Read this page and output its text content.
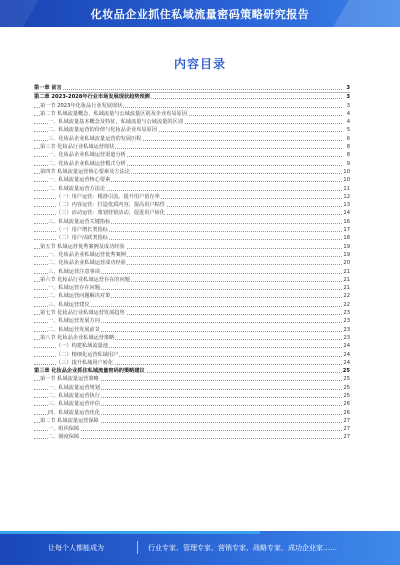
化妆品企业抓住私域流量密码策略研究报告
内容目录
第一章 前言	3
第二章 2023-2028年行业市场发展现状趋势预测	3
第一节 2023年化妆品行业发展现状	3
第二节 私域流量概念，私域流量与公域流量区别及企业布局原因	4
一、私域流量基本概念及特征，私域流量与公域流量的区别	4
二、私域流量运营的价值与化妆品企业布局原因	5
三、化妆品企业私域流量运营的发展历程	6
第三节 化妆品行业私域运营现状	8
一、化妆品企业私域运营渠道分析	8
二、化妆品企业私域运营模式分析	9
第四节 私域流量运营核心要素及方法论	10
一、私域流量运营核心要素	10
二、私域流量运营方法论	11
（一）用户运营：精准引流，提升用户留存率	12
（二）内容运营：打造优质内容，提高用户粘性	13
（三）活动运营：策划营销活动，促进用户转化	14
三、私域流量运营关键指标	16
（一）用户增长类指标	17
（二）用户活跃类指标	18
第五节 私域运营优秀案例及成功经验	19
一、化妆品企业私域运营优秀案例	19
二、化妆品企业私域运营成功经验	20
三、私域运营注意事项	21
第六节 化妆品行业私域运营存在的问题	21
一、私域运营存在问题	21
二、私域运营问题解决对策	22
三、私域运营建议	22
第七节 化妆品行业私域运营发展趋势	23
一、私域运营发展方向	23
二、私域运营发展前景	23
第八节 化妆品企业私域运营策略	23
（一）构建私域流量池	24
（二）精细化运营私域用户	24
（三）提升私域用户转化	24
第三章 化妆品企业抓住私域流量密码的策略建议	25
第一节 私域流量运营策略	25
一、私域流量运营规划	25
二、私域流量运营执行	25
三、私域流量运营评估	26
四、私域流量运营优化	26
第二节 私域流量运营保障	27
一、组织保障	27
二、制度保障	27
让每个人都能成为	行业专家、管理专家、营销专家、战略专家、成功企业家……
